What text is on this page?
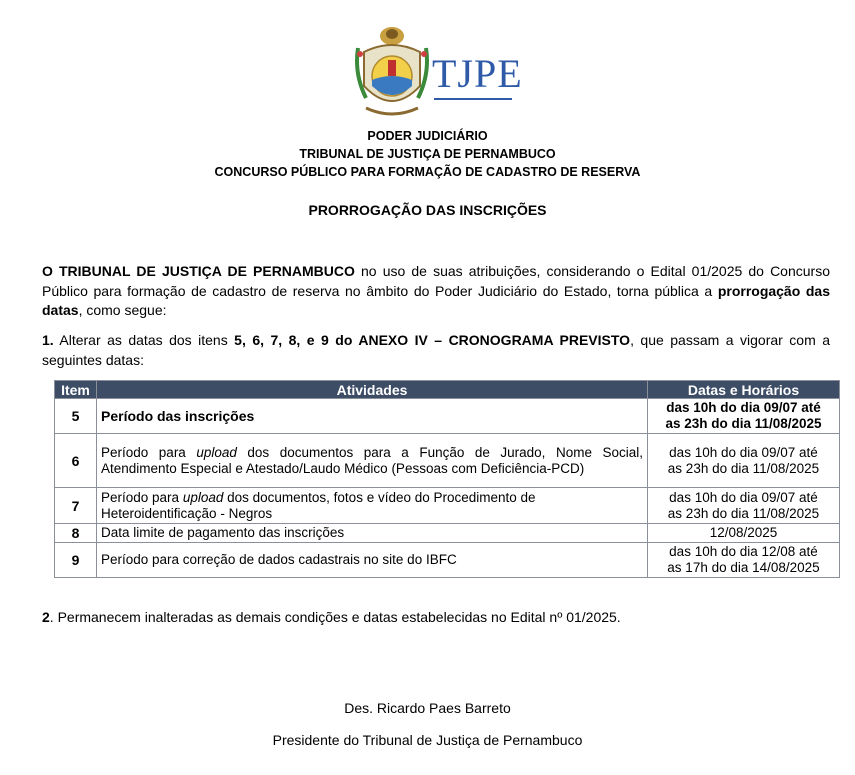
TJPE
PODER JUDICIÁRIO
TRIBUNAL DE JUSTIÇA DE PERNAMBUCO
CONCURSO PÚBLICO PARA FORMAÇÃO DE CADASTRO DE RESERVA
PRORROGAÇÃO DAS INSCRIÇÕES
O TRIBUNAL DE JUSTIÇA DE PERNAMBUCO no uso de suas atribuições, considerando o Edital 01/2025 do Concurso Público para formação de cadastro de reserva no âmbito do Poder Judiciário do Estado, torna pública a prorrogação das datas, como segue:
1. Alterar as datas dos itens 5, 6, 7, 8, e 9 do ANEXO IV – CRONOGRAMA PREVISTO, que passam a vigorar com a seguintes datas:
Item	Atividades	Datas e Horários
5	Período das inscrições	das 10h do dia 09/07 até
as 23h do dia 11/08/2025
6	Período para upload dos documentos para a Função de Jurado, Nome Social, Atendimento Especial e Atestado/Laudo Médico (Pessoas com Deficiência-PCD)	das 10h do dia 09/07 até
as 23h do dia 11/08/2025
7	Período para upload dos documentos, fotos e vídeo do Procedimento de Heteroidentificação - Negros	das 10h do dia 09/07 até
as 23h do dia 11/08/2025
8	Data limite de pagamento das inscrições	12/08/2025
9	Período para correção de dados cadastrais no site do IBFC	das 10h do dia 12/08 até
as 17h do dia 14/08/2025
2. Permanecem inalteradas as demais condições e datas estabelecidas no Edital nº 01/2025.
Des. Ricardo Paes Barreto
Presidente do Tribunal de Justiça de Pernambuco
